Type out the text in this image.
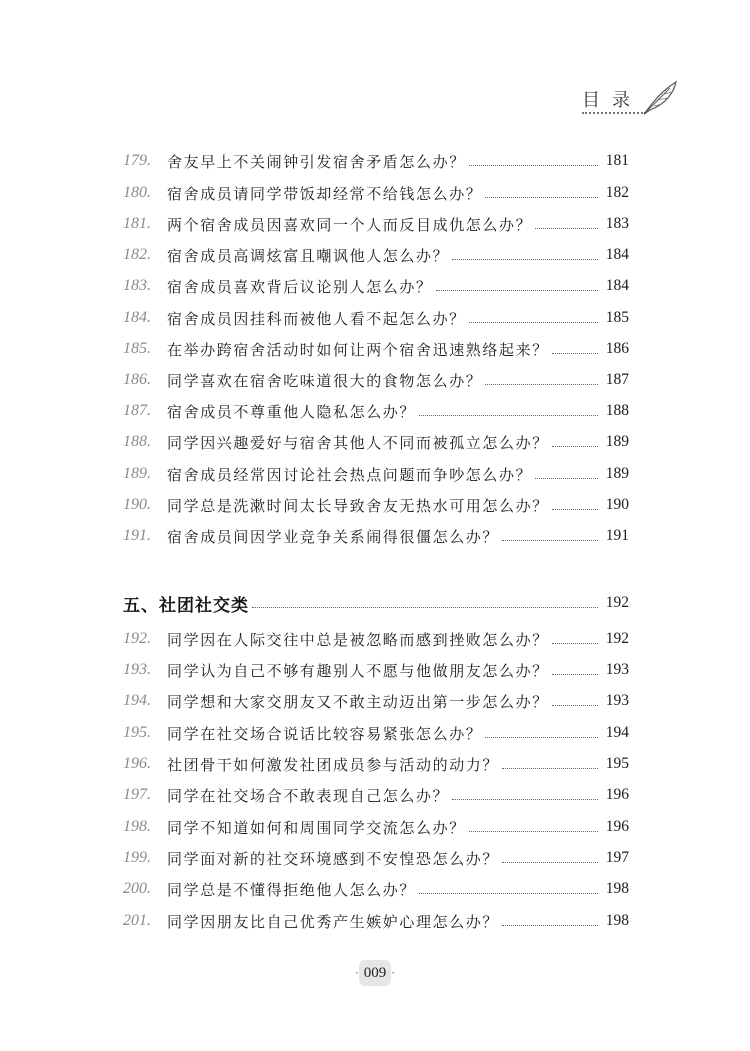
目录
179.	舍友早上不关闹钟引发宿舍矛盾怎么办？	181
180.	宿舍成员请同学带饭却经常不给钱怎么办？	182
181.	两个宿舍成员因喜欢同一个人而反目成仇怎么办？	183
182.	宿舍成员高调炫富且嘲讽他人怎么办？	184
183.	宿舍成员喜欢背后议论别人怎么办？	184
184.	宿舍成员因挂科而被他人看不起怎么办？	185
185.	在举办跨宿舍活动时如何让两个宿舍迅速熟络起来？	186
186.	同学喜欢在宿舍吃味道很大的食物怎么办？	187
187.	宿舍成员不尊重他人隐私怎么办？	188
188.	同学因兴趣爱好与宿舍其他人不同而被孤立怎么办？	189
189.	宿舍成员经常因讨论社会热点问题而争吵怎么办？	189
190.	同学总是洗漱时间太长导致舍友无热水可用怎么办？	190
191.	宿舍成员间因学业竞争关系闹得很僵怎么办？	191
五、社团社交类	192
192.	同学因在人际交往中总是被忽略而感到挫败怎么办？	192
193.	同学认为自己不够有趣别人不愿与他做朋友怎么办？	193
194.	同学想和大家交朋友又不敢主动迈出第一步怎么办？	193
195.	同学在社交场合说话比较容易紧张怎么办？	194
196.	社团骨干如何激发社团成员参与活动的动力？	195
197.	同学在社交场合不敢表现自己怎么办？	196
198.	同学不知道如何和周围同学交流怎么办？	196
199.	同学面对新的社交环境感到不安惶恐怎么办？	197
200.	同学总是不懂得拒绝他人怎么办？	198
201.	同学因朋友比自己优秀产生嫉妒心理怎么办？	198
· 009 ·
